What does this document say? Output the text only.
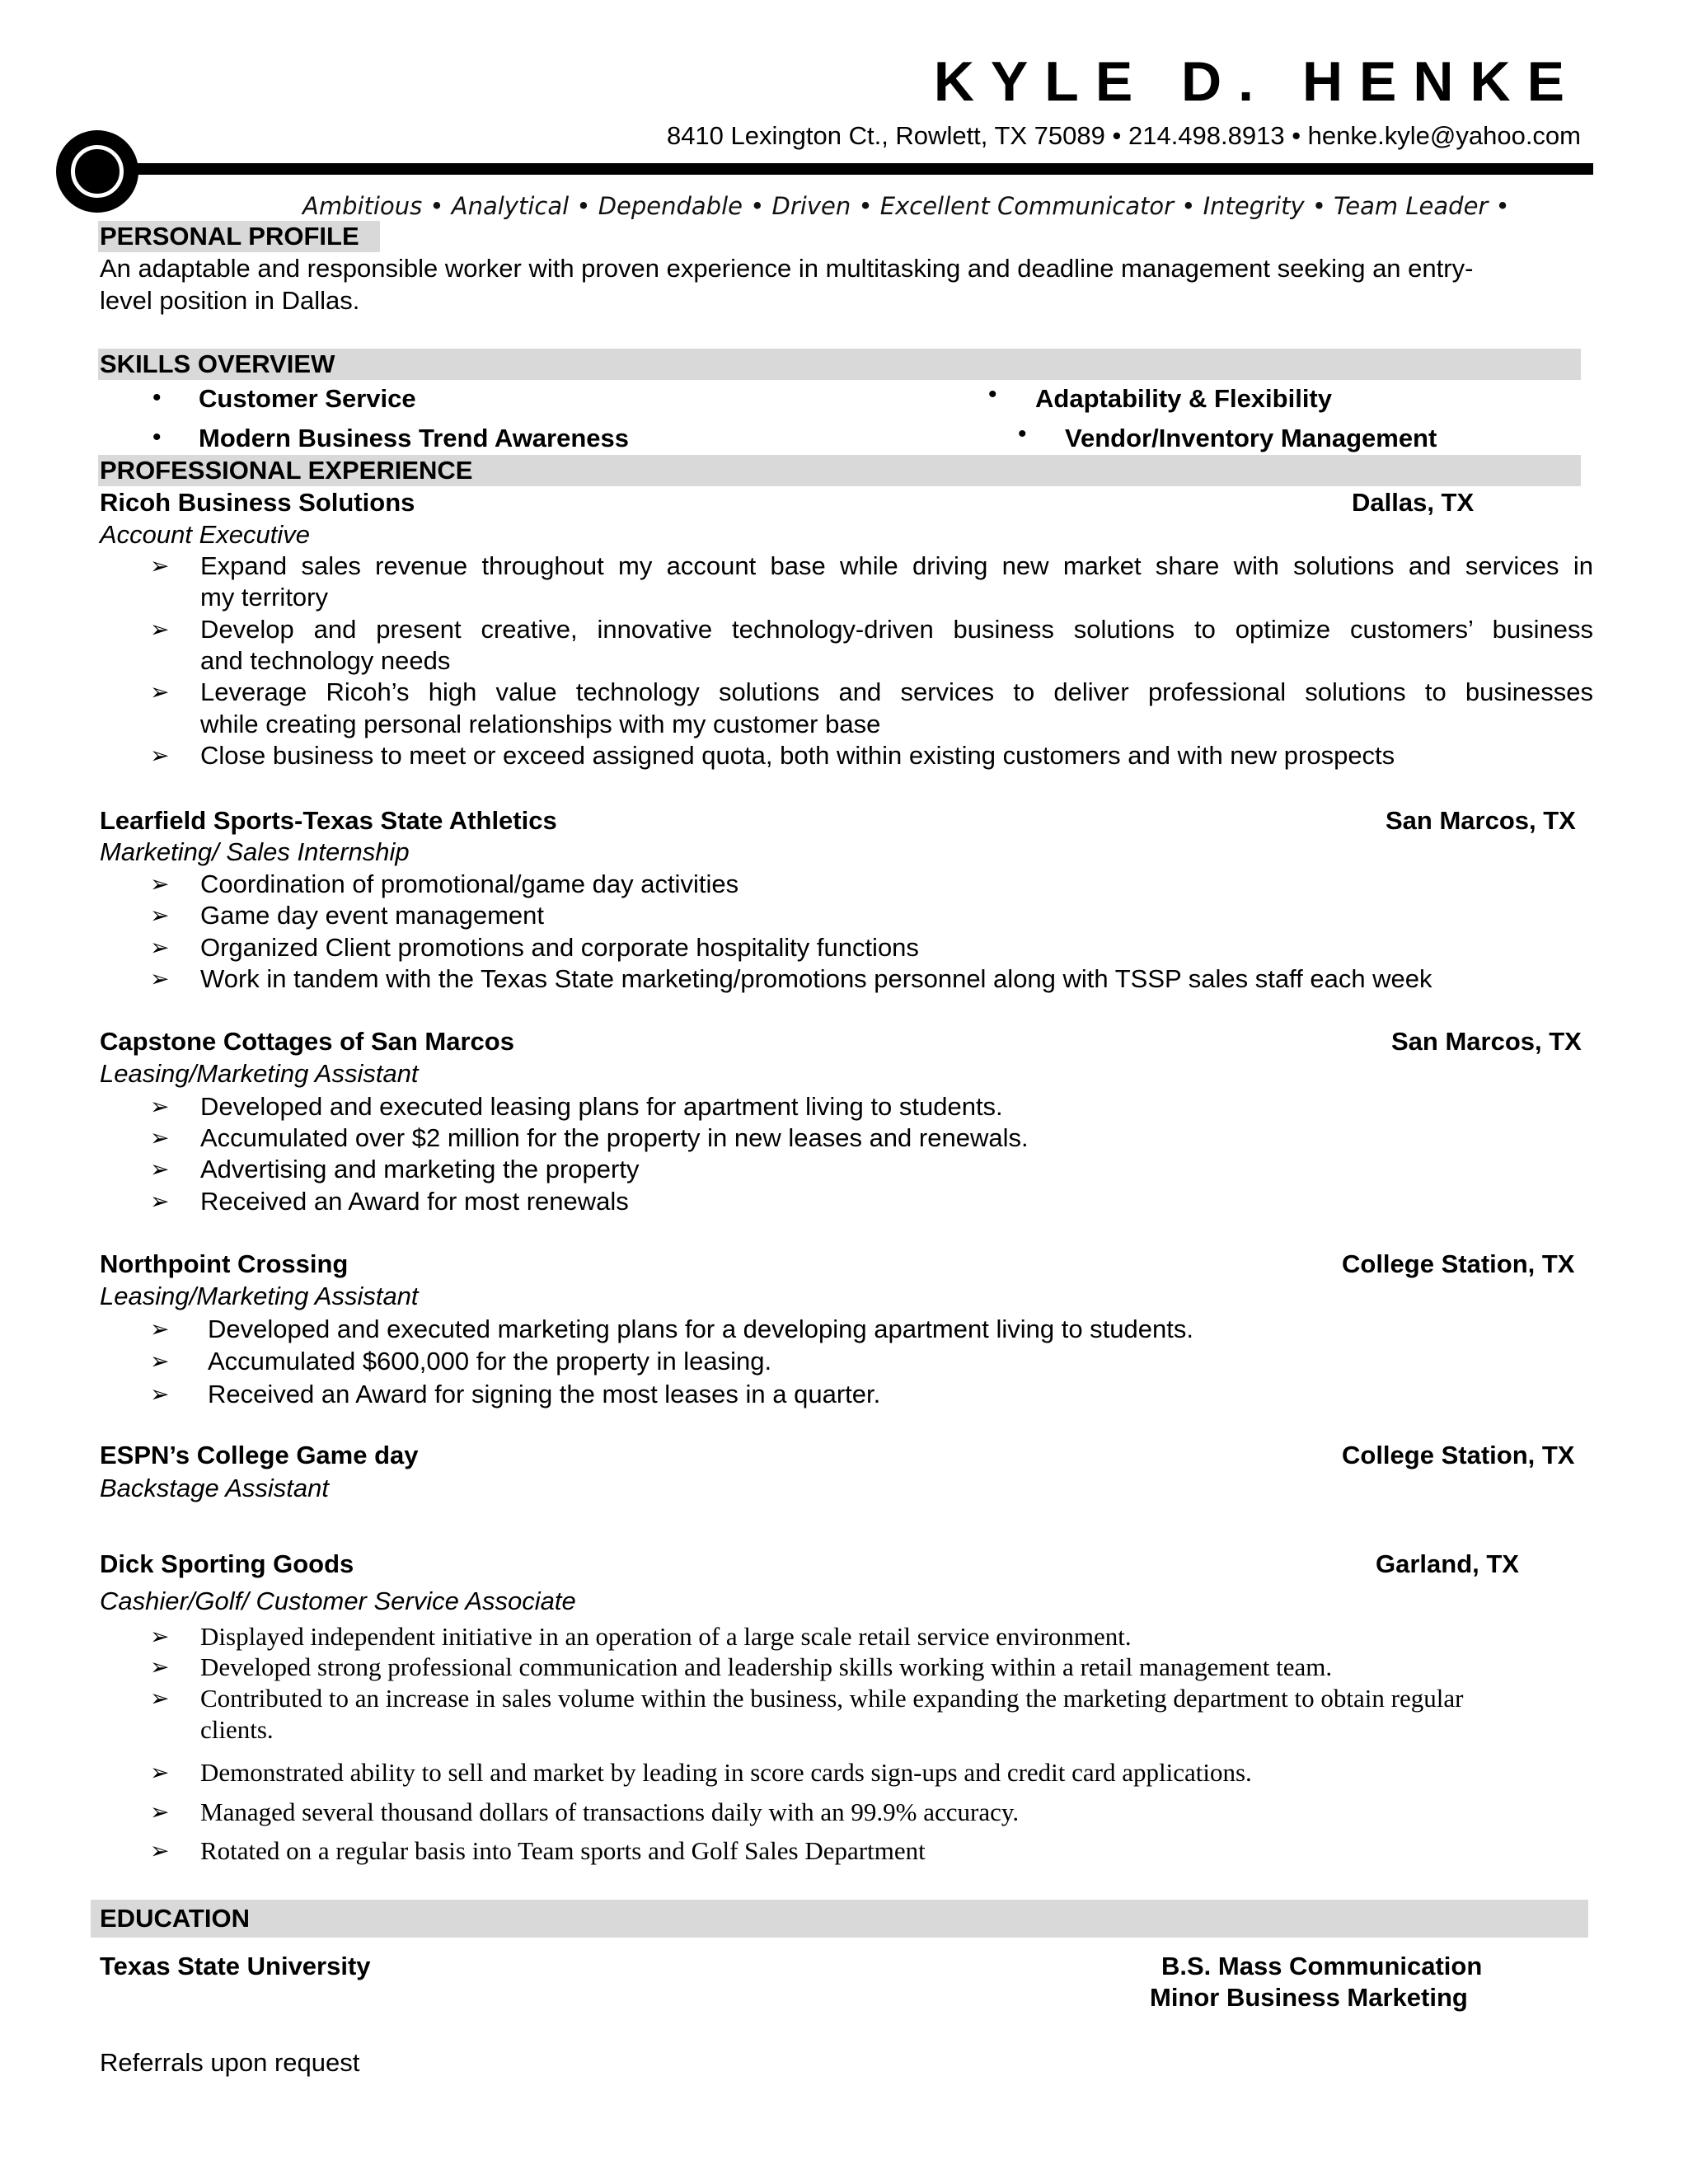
KYLE D. HENKE
8410 Lexington Ct., Rowlett, TX 75089 • 214.498.8913 • henke.kyle@yahoo.com
Ambitious • Analytical • Dependable • Driven • Excellent Communicator • Integrity • Team Leader •
PERSONAL PROFILE
An adaptable and responsible worker with proven experience in multitasking and deadline management seeking an entry-
level position in Dallas.
SKILLS OVERVIEW
• Customer Service	• Adaptability & Flexibility
• Modern Business Trend Awareness	• Vendor/Inventory Management
PROFESSIONAL EXPERIENCE
Ricoh Business Solutions	Dallas, TX
Account Executive
➢ Expand sales revenue throughout my account base while driving new market share with solutions and services in
my territory
➢ Develop and present creative, innovative technology-driven business solutions to optimize customers’ business
and technology needs
➢ Leverage Ricoh’s high value technology solutions and services to deliver professional solutions to businesses
while creating personal relationships with my customer base
➢ Close business to meet or exceed assigned quota, both within existing customers and with new prospects
Learfield Sports-Texas State Athletics	San Marcos, TX
Marketing/ Sales Internship
➢ Coordination of promotional/game day activities
➢ Game day event management
➢ Organized Client promotions and corporate hospitality functions
➢ Work in tandem with the Texas State marketing/promotions personnel along with TSSP sales staff each week
Capstone Cottages of San Marcos	San Marcos, TX
Leasing/Marketing Assistant
➢ Developed and executed leasing plans for apartment living to students.
➢ Accumulated over $2 million for the property in new leases and renewals.
➢ Advertising and marketing the property
➢ Received an Award for most renewals
Northpoint Crossing	College Station, TX
Leasing/Marketing Assistant
➢ Developed and executed marketing plans for a developing apartment living to students.
➢ Accumulated $600,000 for the property in leasing.
➢ Received an Award for signing the most leases in a quarter.
ESPN’s College Game day	College Station, TX
Backstage Assistant
Dick Sporting Goods	Garland, TX
Cashier/Golf/ Customer Service Associate
➢ Displayed independent initiative in an operation of a large scale retail service environment.
➢ Developed strong professional communication and leadership skills working within a retail management team.
➢ Contributed to an increase in sales volume within the business, while expanding the marketing department to obtain regular
clients.
➢ Demonstrated ability to sell and market by leading in score cards sign-ups and credit card applications.
➢ Managed several thousand dollars of transactions daily with an 99.9% accuracy.
➢ Rotated on a regular basis into Team sports and Golf Sales Department
EDUCATION
Texas State University	B.S. Mass Communication
Minor Business Marketing
Referrals upon request
